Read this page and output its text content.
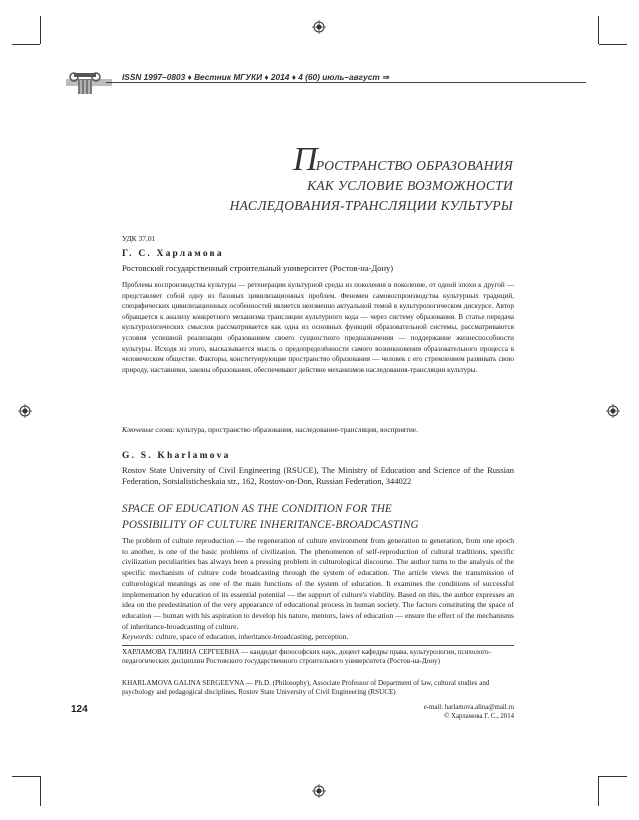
ISSN 1997–0803 ♦ Вестник МГУКИ ♦ 2014 ♦ 4 (60) июль–август ⇒
ПРОСТРАНСТВО ОБРАЗОВАНИЯ
КАК УСЛОВИЕ ВОЗМОЖНОСТИ
НАСЛЕДОВАНИЯ-ТРАНСЛЯЦИИ КУЛЬТУРЫ
УДК 37.01
Г. С. Харламова
Ростовский государственный строительный университет (Ростов-на-Дону)
Проблема воспроизводства культуры — ретенерации культурной среды из поколения в поколение, от одной эпохи к другой — представляет собой одну из базовых цивилизационных проблем. Феномен самовоспроизводства культурных традиций, специфических цивилизационных особенностей является неизменно актуальной темой в культурологическом дискурсе. Автор обращается к анализу конкретного механизма трансляции культурного кода — через систему образования. В статье передача культурологических смыслов рассматривается как одна из основных функций образовательной системы, рассматриваются условия успешной реализации образованием своего сущностного предназначения — поддержание жизнеспособности культуры. Исходя из этого, высказывается мысль о предопределённости самого возникновения образовательного процесса в человеческом обществе. Факторы, конституирующие пространство образования — человек с его стремлением развивать свою природу, наставники, законы образования, обеспечивают действие механизмов наследования-трансляции культуры.
Ключевые слова: культура, пространство образования, наследование-трансляция, восприятие.
G. S. Kharlamova
Rostov State University of Civil Engineering (RSUCE), The Ministry of Education and Science of the Russian Federation, Sotsialisticheskaia str., 162, Rostov-on-Don, Russian Federation, 344022
SPACE OF EDUCATION AS THE CONDITION FOR THE
POSSIBILITY OF CULTURE INHERITANCE-BROADCASTING
The problem of culture reproduction — the regeneration of culture environment from generation to generation, from one epoch to another, is one of the basic problems of civilization. The phenomenon of self-reproduction of cultural traditions, specific civilization peculiarities has always been a pressing problem in culturological discourse. The author turns to the analysis of the specific mechanism of culture code broadcasting through the system of education. The article views the transmission of culturological meanings as one of the main functions of the system of education. It examines the conditions of successful implementation by education of its essential potential — the support of culture's viability. Based on this, the author expresses an idea on the predestination of the very appearance of educational process in human society. The factors constituting the space of education — human with his aspiration to develop his nature, mentors, laws of education — ensure the effect of the mechanisms of inheritance-broadcasting of culture.
Keywords: culture, space of education, inheritance-broadcasting, perception.
ХАРЛАМОВА ГАЛИНА СЕРГЕЕВНА — кандидат философских наук, доцент кафедры права, культурологии, психолого-педагогических дисциплин Ростовского государственного строительного университета (Ростов-на-Дону)
KHARLAMOVA GALINA SERGEEVNA — Ph.D. (Philosophy), Associate Professor of Department of law, cultural studies and psychology and pedagogical disciplines, Rostov State University of Civil Engineering (RSUCE)
e-mail: harlamova.alina@mail.ru
© Харламова Г. С., 2014
124
